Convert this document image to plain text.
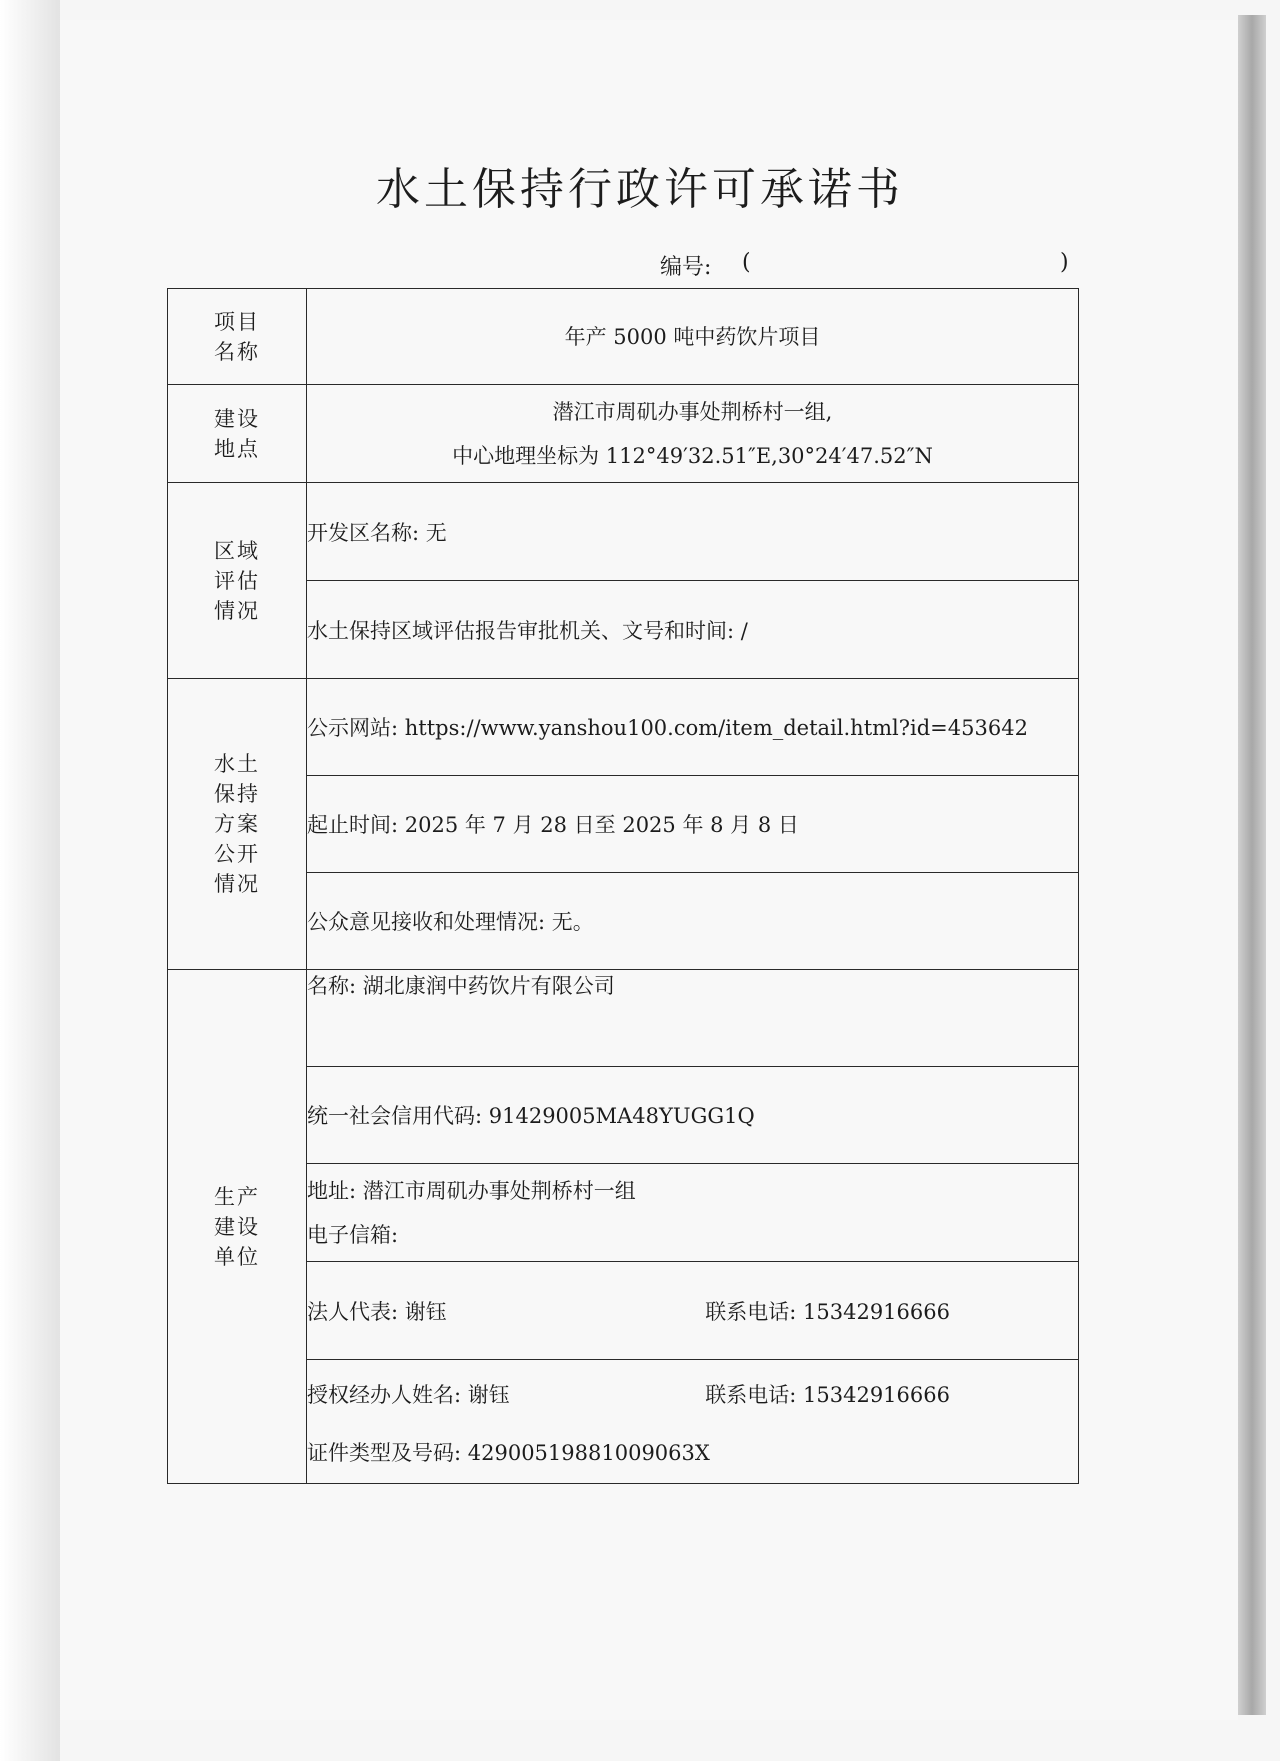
水土保持行政许可承诺书
编号: (	)
项目
名称	年产 5000 吨中药饮片项目
建设
地点	潜江市周矶办事处荆桥村一组,
中心地理坐标为 112°49′32.51″E,30°24′47.52″N

区域
评估
情况	开发区名称: 无
	水土保持区域评估报告审批机关、文号和时间: /
水土
保持
方案
公开
情况	公示网站: https://www.yanshou100.com/item_detail.html?id=453642
	起止时间: 2025 年 7 月 28 日至 2025 年 8 月 8 日
	公众意见接收和处理情况: 无。
生产
建设
单位	名称: 湖北康润中药饮片有限公司
	统一社会信用代码: 91429005MA48YUGG1Q

	地址: 潜江市周矶办事处荆桥村一组
电子信箱:

	法人代表: 谢钰 联系电话: 15342916666

	授权经办人姓名: 谢钰 联系电话: 15342916666
证件类型及号码: 42900519881009063X
